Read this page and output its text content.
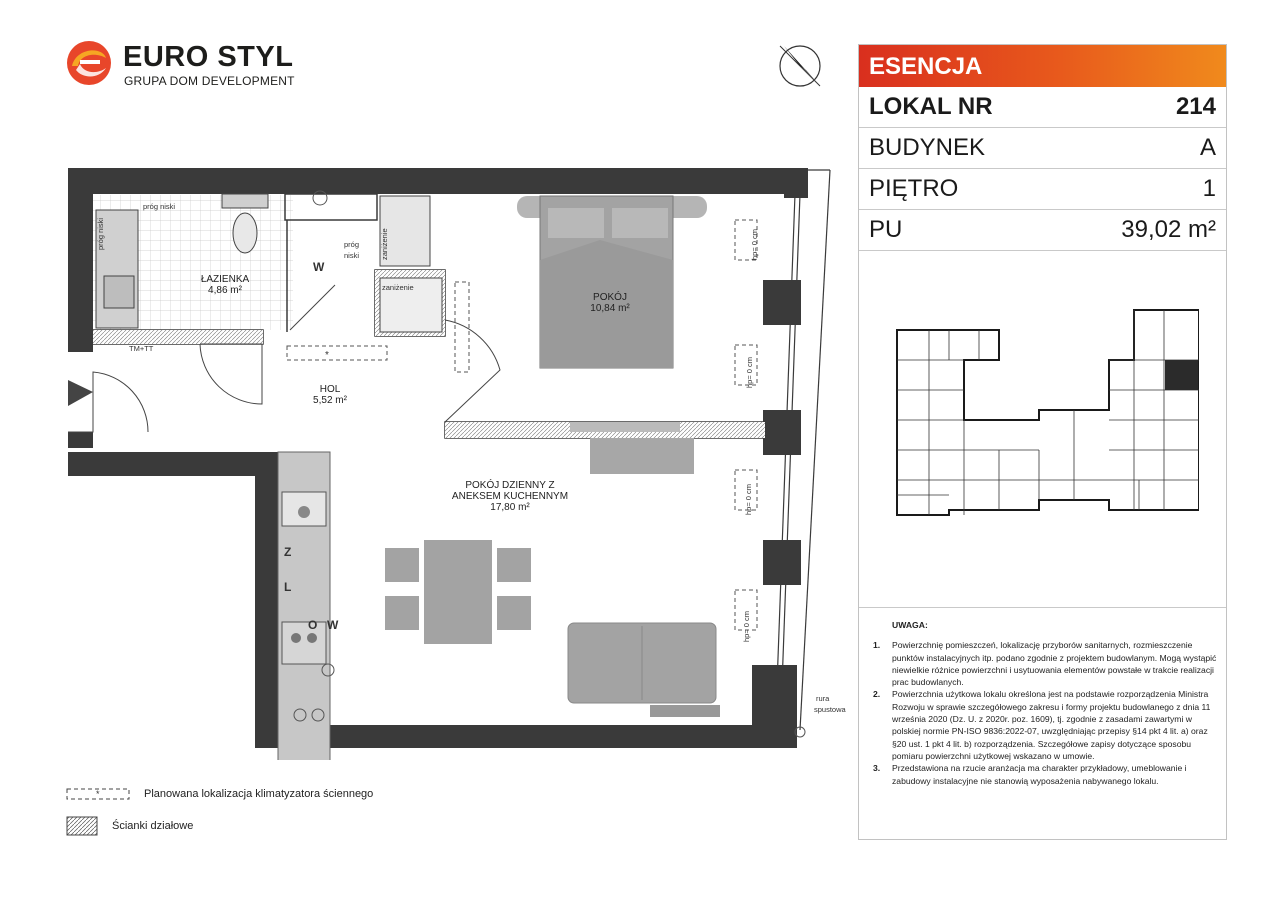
EURO STYL
GRUPA DOM DEVELOPMENT
ESENCJA
LOKAL NR	214
BUDYNEK	A
PIĘTRO	1
PU	39,02 m²
UWAGA:
1.	Powierzchnię pomieszczeń, lokalizację przyborów sanitarnych, rozmieszczenie punktów instalacyjnych itp. podano zgodnie z projektem budowlanym. Mogą wystąpić niewielkie różnice powierzchni i usytuowania elementów powstałe w trakcie realizacji prac budowlanych.
2.	Powierzchnia użytkowa lokalu określona jest na podstawie rozporządzenia Ministra Rozwoju w sprawie szczegółowego zakresu i formy projektu budowlanego z dnia 11 września 2020 (Dz. U. z 2020r. poz. 1609), tj. zgodnie z zasadami zawartymi w polskiej normie PN-ISO 9836:2022-07, uwzględniając przepisy §14 pkt 4 lit. a) oraz §20 ust. 1 pkt 4 lit. b) rozporządzenia. Szczegółowe zapisy dotyczące sposobu pomiaru powierzchni użytkowej wskazano w umowie.
3.	Przedstawiona na rzucie aranżacja ma charakter przykładowy, umeblowanie i zabudowy instalacyjne nie stanowią wyposażenia nabywanego lokalu.
ŁAZIENKA
4,86 m²
POKÓJ
10,84 m²
HOL
5,52 m²
POKÓJ DZIENNY Z
ANEKSEM KUCHENNYM
17,80 m²
próg niski
próg niski	próg
niski	zaniżenie
zaniżenie
TM+TT
hp= 0 cm
hp= 0 cm
hp= 0 cm
hp= 0 cm
rura
spustowa
W
W
O
Z
L
*
*	Planowana lokalizacja klimatyzatora ściennego
Ścianki działowe
